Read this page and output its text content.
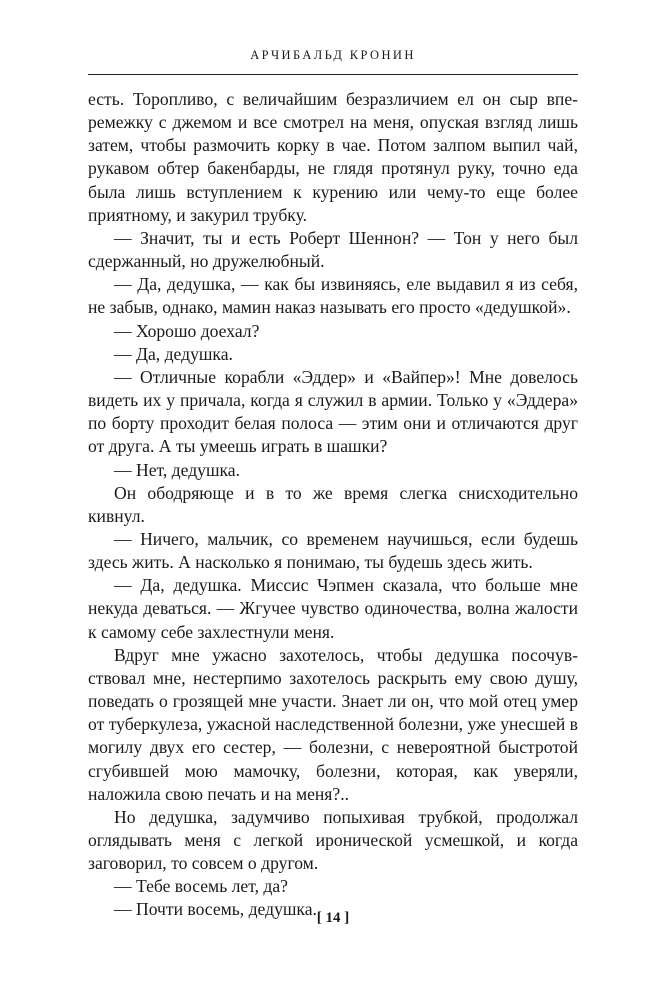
АРЧИБАЛЬД КРОНИН

есть. Торопливо, с величайшим безразличием ел он сыр вперемежку с джемом и все смотрел на меня, опуская взгляд лишь затем, чтобы размочить корку в чае. Потом залпом выпил чай, рукавом обтер бакенбарды, не глядя протянул руку, точно еда была лишь вступлением к курению или чему-то еще более приятному, и закурил трубку.

— Значит, ты и есть Роберт Шеннон? — Тон у него был сдержанный, но дружелюбный.

— Да, дедушка, — как бы извиняясь, еле выдавил я из себя, не забыв, однако, мамин наказ называть его просто «дедушкой».

— Хорошо доехал?

— Да, дедушка.

— Отличные корабли «Эддер» и «Вайпер»! Мне довелось видеть их у причала, когда я служил в армии. Только у «Эддера» по борту проходит белая полоса — этим они и отличаются друг от друга. А ты умеешь играть в шашки?

— Нет, дедушка.

Он ободряюще и в то же время слегка снисходительно кивнул.

— Ничего, мальчик, со временем научишься, если будешь здесь жить. А насколько я понимаю, ты будешь здесь жить.

— Да, дедушка. Миссис Чэпмен сказала, что больше мне некуда деваться. — Жгучее чувство одиночества, волна жалости к самому себе захлестнули меня.

Вдруг мне ужасно захотелось, чтобы дедушка посочувствовал мне, нестерпимо захотелось раскрыть ему свою душу, поведать о грозящей мне участи. Знает ли он, что мой отец умер от туберкулеза, ужасной наследственной болезни, уже унесшей в могилу двух его сестер, — болезни, с невероятной быстротой сгубившей мою мамочку, болезни, которая, как уверяли, наложила свою печать и на меня?..

Но дедушка, задумчиво попыхивая трубкой, продолжал оглядывать меня с легкой иронической усмешкой, и когда заговорил, то совсем о другом.

— Тебе восемь лет, да?

— Почти восемь, дедушка. [ 14 ]
